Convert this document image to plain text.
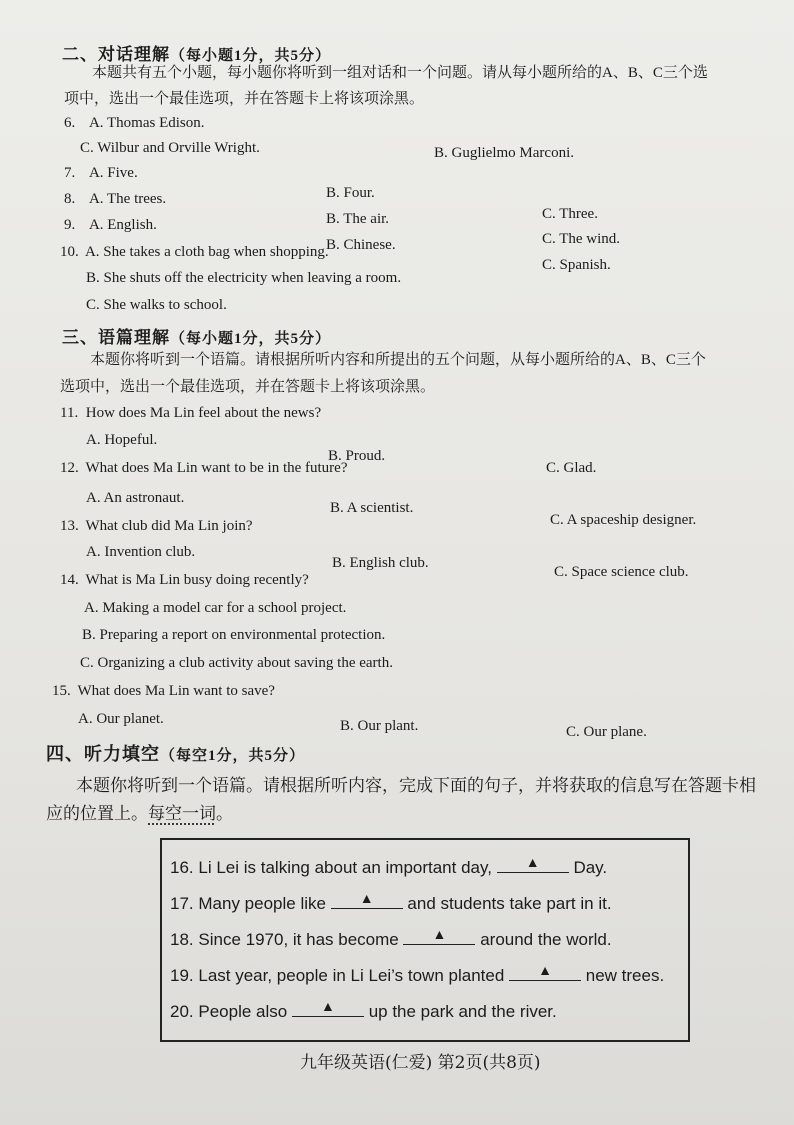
二、对话理解（每小题1分，共5分）
本题共有五个小题，每小题你将听到一组对话和一个问题。请从每小题所给的A、B、C三个选
项中，选出一个最佳选项，并在答题卡上将该项涂黑。
6. A. Thomas Edison.
C. Wilbur and Orville Wright.	B. Guglielmo Marconi.
7. A. Five.
B. Four.
C. Three.
8. A. The trees.
B. The air.
C. The wind.
9. A. English.
B. Chinese.
C. Spanish.
10. A. She takes a cloth bag when shopping.
B. She shuts off the electricity when leaving a room.
C. She walks to school.
三、语篇理解（每小题1分，共5分）
本题你将听到一个语篇。请根据所听内容和所提出的五个问题，从每小题所给的A、B、C三个
选项中，选出一个最佳选项，并在答题卡上将该项涂黑。
11. How does Ma Lin feel about the news?
A. Hopeful.
B. Proud.
C. Glad.
12. What does Ma Lin want to be in the future?
A. An astronaut.
B. A scientist.
C. A spaceship designer.
13. What club did Ma Lin join?
A. Invention club.
B. English club.
C. Space science club.
14. What is Ma Lin busy doing recently?
A. Making a model car for a school project.
B. Preparing a report on environmental protection.
C. Organizing a club activity about saving the earth.
15. What does Ma Lin want to save?
A. Our planet.	B. Our plant.	C. Our plane.
四、听力填空（每空1分，共5分）
本题你将听到一个语篇。请根据所听内容，完成下面的句子，并将获取的信息写在答题卡相
应的位置上。每空一词。
16. Li Lei is talking about an important day,	▲	Day.
17. Many people like	▲	and students take part in it.
18. Since 1970, it has become	▲	around the world.
19. Last year, people in Li Lei’s town planted	▲	new trees.
20. People also	▲	up the park and the river.
九年级英语(仁爱) 第2页(共8页)
